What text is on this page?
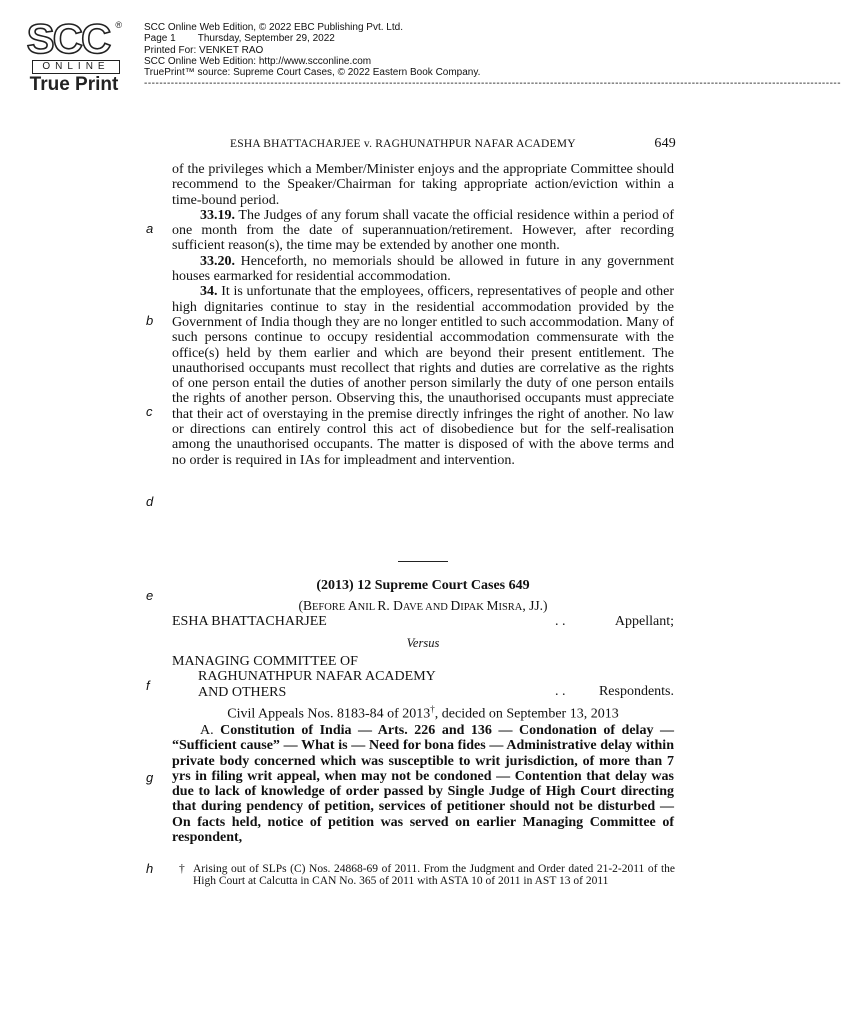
SCC ®
ONLINE
True Print
SCC Online Web Edition, © 2022 EBC Publishing Pvt. Ltd.
Page 1        Thursday, September 29, 2022
Printed For: VENKET RAO
SCC Online Web Edition: http://www.scconline.com
TruePrint™ source: Supreme Court Cases, © 2022 Eastern Book Company.
--------------------------------------------------------------------------------------------------------------------------------------------------------------------------------------
ESHA BHATTACHARJEE v. RAGHUNATHPUR NAFAR ACADEMY	649
a
b
c
d
e
f
g
h

of the privileges which a Member/Minister enjoys and the appropriate Committee should recommend to the Speaker/Chairman for taking appropriate action/eviction within a time-bound period.

33.19. The Judges of any forum shall vacate the official residence within a period of one month from the date of superannuation/retirement. However, after recording sufficient reason(s), the time may be extended by another one month.

33.20. Henceforth, no memorials should be allowed in future in any government houses earmarked for residential accommodation.

34. It is unfortunate that the employees, officers, representatives of people and other high dignitaries continue to stay in the residential accommodation provided by the Government of India though they are no longer entitled to such accommodation. Many of such persons continue to occupy residential accommodation commensurate with the office(s) held by them earlier and which are beyond their present entitlement. The unauthorised occupants must recollect that rights and duties are correlative as the rights of one person entail the duties of another person similarly the duty of one person entails the rights of another person. Observing this, the unauthorised occupants must appreciate that their act of overstaying in the premise directly infringes the right of another. No law or directions can entirely control this act of disobedience but for the self-realisation among the unauthorised occupants. The matter is disposed of with the above terms and no order is required in IAs for impleadment and intervention.

(2013) 12 Supreme Court Cases 649
(BEFORE ANIL R. DAVE AND DIPAK MISRA, JJ.)
ESHA BHATTACHARJEE	. .	Appellant;
Versus
MANAGING COMMITTEE OF
RAGHUNATHPUR NAFAR ACADEMY
AND OTHERS	. . Respondents.
Civil Appeals Nos. 8183-84 of 2013†, decided on September 13, 2013
A. Constitution of India — Arts. 226 and 136 — Condonation of delay — “Sufficient cause” — What is — Need for bona fides — Administrative delay within private body concerned which was susceptible to writ jurisdiction, of more than 7 yrs in filing writ appeal, when may not be condoned — Contention that delay was due to lack of knowledge of order passed by Single Judge of High Court directing that during pendency of petition, services of petitioner should not be disturbed — On facts held, notice of petition was served on earlier Managing Committee of respondent,
† Arising out of SLPs (C) Nos. 24868-69 of 2011. From the Judgment and Order dated 21-2-2011 of the High Court at Calcutta in CAN No. 365 of 2011 with ASTA 10 of 2011 in AST 13 of 2011
